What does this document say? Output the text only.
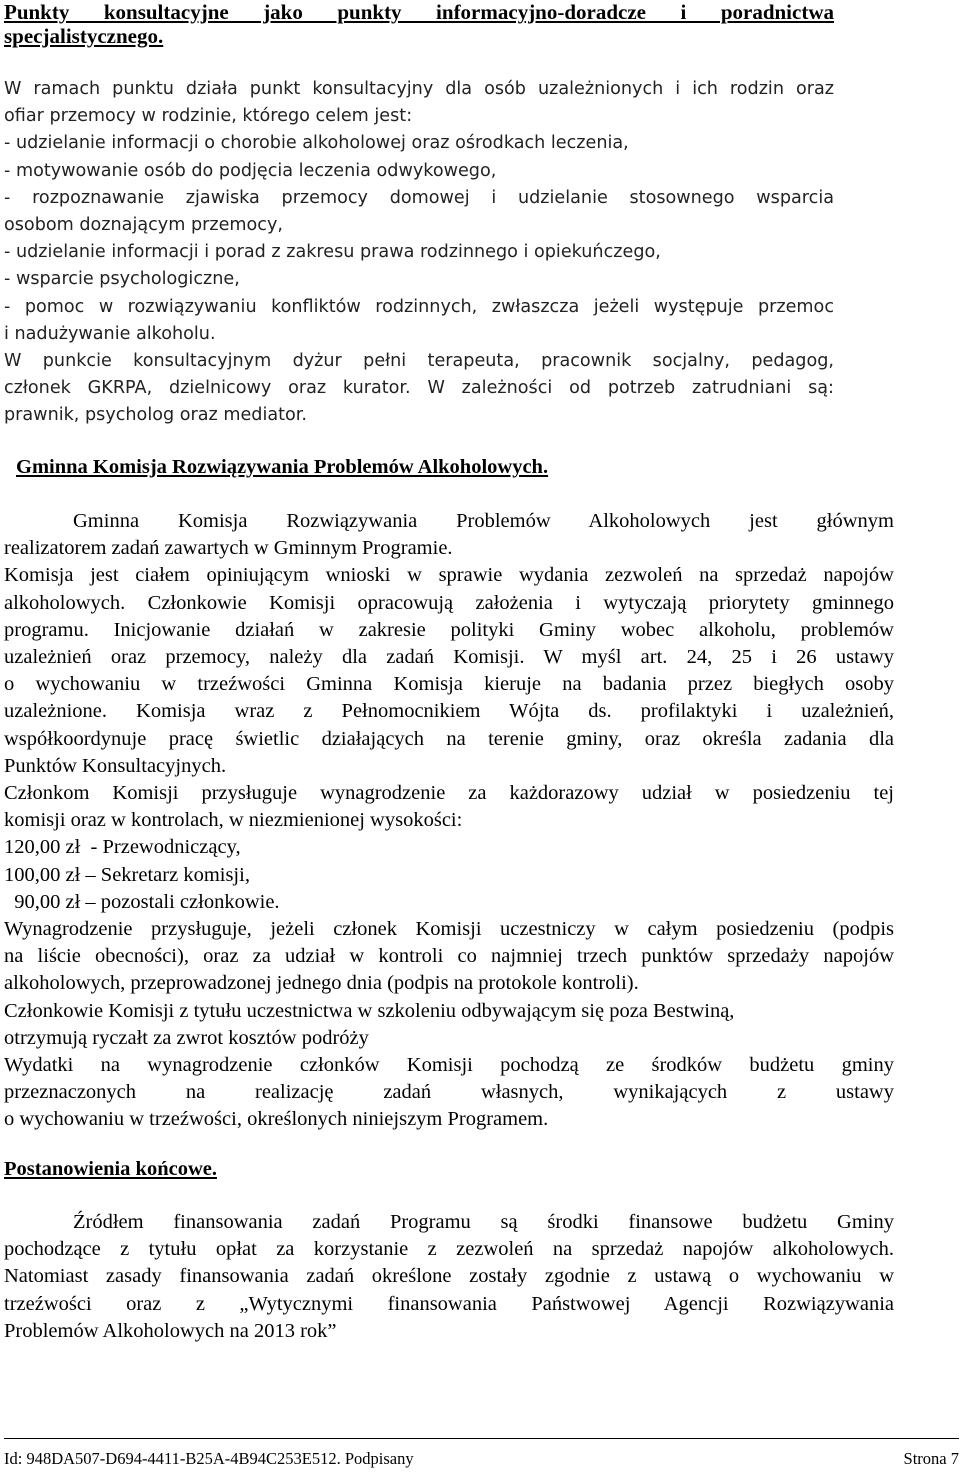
Punkty konsultacyjne jako punkty informacyjno-doradcze i poradnictwa

specjalistycznego.

W ramach punktu działa punkt konsultacyjny dla osób uzależnionych i ich rodzin oraz

ofiar przemocy w rodzinie, którego celem jest:

- udzielanie informacji o chorobie alkoholowej oraz ośrodkach leczenia,

- motywowanie osób do podjęcia leczenia odwykowego,

- rozpoznawanie zjawiska przemocy domowej i udzielanie stosownego wsparcia

osobom doznającym przemocy,

- udzielanie informacji i porad z zakresu prawa rodzinnego i opiekuńczego,

- wsparcie psychologiczne,

- pomoc w rozwiązywaniu konfliktów rodzinnych, zwłaszcza jeżeli występuje przemoc

i nadużywanie alkoholu.

W punkcie konsultacyjnym dyżur pełni terapeuta, pracownik socjalny, pedagog,

członek GKRPA, dzielnicowy oraz kurator. W zależności od potrzeb zatrudniani są:

prawnik, psycholog oraz mediator.

Gminna Komisja Rozwiązywania Problemów Alkoholowych.

Gminna Komisja Rozwiązywania Problemów Alkoholowych jest głównym

realizatorem zadań zawartych w Gminnym Programie.

Komisja jest ciałem opiniującym wnioski w sprawie wydania zezwoleń na sprzedaż napojów

alkoholowych. Członkowie Komisji opracowują założenia i wytyczają priorytety gminnego

programu. Inicjowanie działań w zakresie polityki Gminy wobec alkoholu, problemów

uzależnień oraz przemocy, należy dla zadań Komisji. W myśl art. 24, 25 i 26 ustawy

o wychowaniu w trzeźwości Gminna Komisja kieruje na badania przez biegłych osoby

uzależnione. Komisja wraz z Pełnomocnikiem Wójta ds. profilaktyki i uzależnień,

współkoordynuje pracę świetlic działających na terenie gminy, oraz określa zadania dla

Punktów Konsultacyjnych.

Członkom Komisji przysługuje wynagrodzenie za każdorazowy udział w posiedzeniu tej

komisji oraz w kontrolach, w niezmienionej wysokości:

120,00 zł  - Przewodniczący,

100,00 zł – Sekretarz komisji,

90,00 zł – pozostali członkowie.

Wynagrodzenie przysługuje, jeżeli członek Komisji uczestniczy w całym posiedzeniu (podpis

na liście obecności), oraz za udział w kontroli co najmniej trzech punktów sprzedaży napojów

alkoholowych, przeprowadzonej jednego dnia (podpis na protokole kontroli).

Członkowie Komisji z tytułu uczestnictwa w szkoleniu odbywającym się poza Bestwiną,

otrzymują ryczałt za zwrot kosztów podróży

Wydatki na wynagrodzenie członków Komisji pochodzą ze środków budżetu gminy

przeznaczonych na realizację zadań własnych, wynikających z ustawy

o wychowaniu w trzeźwości, określonych niniejszym Programem.

Postanowienia końcowe.

Źródłem finansowania zadań Programu są środki finansowe budżetu Gminy

pochodzące z tytułu opłat za korzystanie z zezwoleń na sprzedaż napojów alkoholowych.

Natomiast zasady finansowania zadań określone zostały zgodnie z ustawą o wychowaniu w

trzeźwości oraz z „Wytycznymi finansowania Państwowej Agencji Rozwiązywania

Problemów Alkoholowych na 2013 rok”

Id: 948DA507-D694-4411-B25A-4B94C253E512. Podpisany	Strona 7
